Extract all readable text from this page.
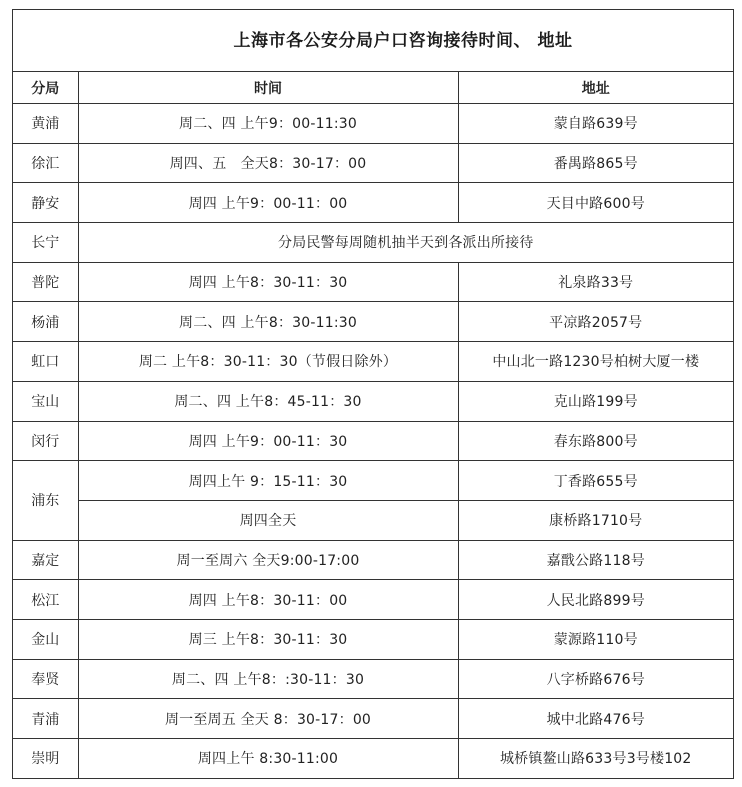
上海市各公安分局户口咨询接待时间、 地址
分局	时间	地址
黄浦	周二、四 上午9：00-11:30	蒙自路639号
徐汇	周四、五　全天8：30-17：00	番禺路865号
静安	周四 上午9：00-11：00	天目中路600号
长宁	分局民警每周随机抽半天到各派出所接待	
普陀	周四 上午8：30-11：30	礼泉路33号
杨浦	周二、四 上午8：30-11:30	平凉路2057号
虹口	周二 上午8：30-11：30（节假日除外）	中山北一路1230号柏树大厦一楼
宝山	周二、四 上午8：45-11：30	克山路199号
闵行	周四 上午9：00-11：30	春东路800号
浦东	周四上午 9：15-11：30	丁香路655号
	周四全天	康桥路1710号
嘉定	周一至周六 全天9:00-17:00	嘉戬公路118号
松江	周四 上午8：30-11：00	人民北路899号
金山	周三 上午8：30-11：30	蒙源路110号
奉贤	周二、四 上午8：:30-11：30	八字桥路676号
青浦	周一至周五 全天 8：30-17：00	城中北路476号
崇明	周四上午 8:30-11:00	城桥镇鳌山路633号3号楼102
